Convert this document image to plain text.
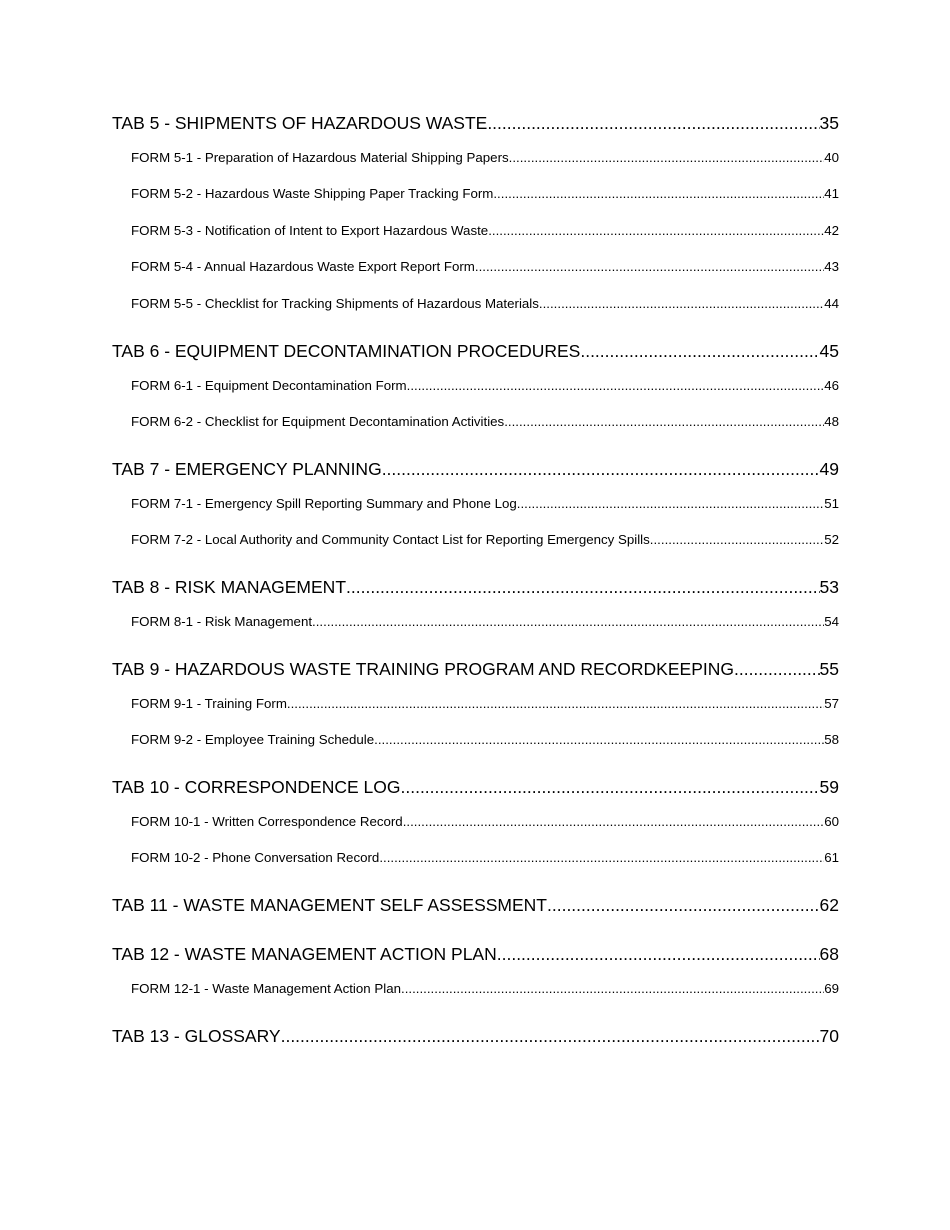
TAB 5 - SHIPMENTS OF HAZARDOUS WASTE .....	35
FORM 5-1 - Preparation of Hazardous Material Shipping Papers .....	40
FORM 5-2 - Hazardous Waste Shipping Paper Tracking Form .....	41
FORM 5-3 - Notification of Intent to Export Hazardous Waste .....	42
FORM 5-4 - Annual Hazardous Waste Export Report Form .....	43
FORM 5-5 - Checklist for Tracking Shipments of Hazardous Materials .....	44
TAB 6 - EQUIPMENT DECONTAMINATION PROCEDURES .....	45
FORM 6-1 - Equipment Decontamination Form .....	46
FORM 6-2 - Checklist for Equipment Decontamination Activities .....	48
TAB 7 - EMERGENCY PLANNING .....	49
FORM 7-1 - Emergency Spill Reporting Summary and Phone Log .....	51
FORM 7-2 - Local Authority and Community Contact List for Reporting Emergency Spills .....	52
TAB 8 - RISK MANAGEMENT .....	53
FORM 8-1 - Risk Management .....	54
TAB 9 - HAZARDOUS WASTE TRAINING PROGRAM AND RECORDKEEPING .....	55
FORM 9-1 - Training Form .....	57
FORM 9-2 - Employee Training Schedule .....	58
TAB 10 - CORRESPONDENCE LOG .....	59
FORM 10-1 - Written Correspondence Record .....	60
FORM 10-2 - Phone Conversation Record .....	61
TAB 11 - WASTE MANAGEMENT SELF ASSESSMENT .....	62
TAB 12 - WASTE MANAGEMENT ACTION PLAN .....	68
FORM 12-1 - Waste Management Action Plan .....	69
TAB 13 - GLOSSARY .....	70
